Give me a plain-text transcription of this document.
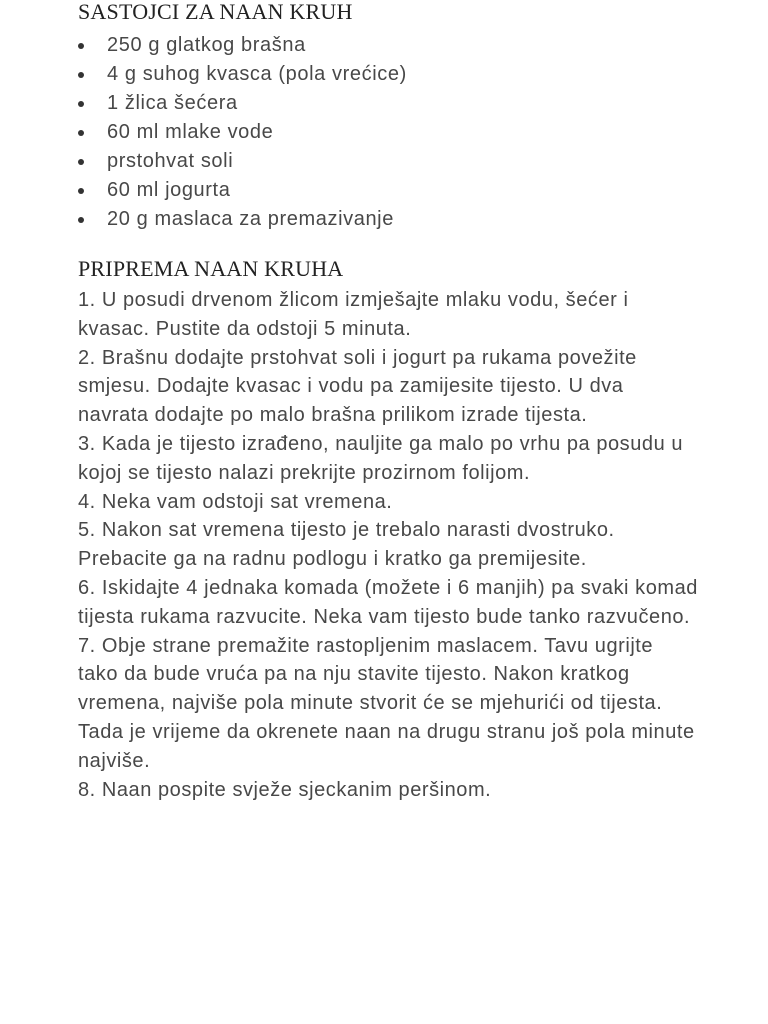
SASTOJCI ZA NAAN KRUH
250 g glatkog brašna
4 g suhog kvasca (pola vrećice)
1 žlica šećera
60 ml mlake vode
prstohvat soli
60 ml jogurta
20 g maslaca za premazivanje
PRIPREMA NAAN KRUHA

1. U posudi drvenom žlicom izmješajte mlaku vodu, šećer i kvasac. Pustite da odstoji 5 minuta.

2. Brašnu dodajte prstohvat soli i jogurt pa rukama povežite smjesu. Dodajte kvasac i vodu pa zamijesite tijesto. U dva navrata dodajte po malo brašna prilikom izrade tijesta.

3. Kada je tijesto izrađeno, nauljite ga malo po vrhu pa posudu u kojoj se tijesto nalazi prekrijte prozirnom folijom.

4. Neka vam odstoji sat vremena.

5. Nakon sat vremena tijesto je trebalo narasti dvostruko. Prebacite ga na radnu podlogu i kratko ga premijesite.

6. Iskidajte 4 jednaka komada (možete i 6 manjih) pa svaki komad tijesta rukama razvucite. Neka vam tijesto bude tanko razvučeno.

7. Obje strane premažite rastopljenim maslacem. Tavu ugrijte tako da bude vruća pa na nju stavite tijesto. Nakon kratkog vremena, najviše pola minute stvorit će se mjehurići od tijesta. Tada je vrijeme da okrenete naan na drugu stranu još pola minute najviše.

8. Naan pospite svježe sjeckanim peršinom.
